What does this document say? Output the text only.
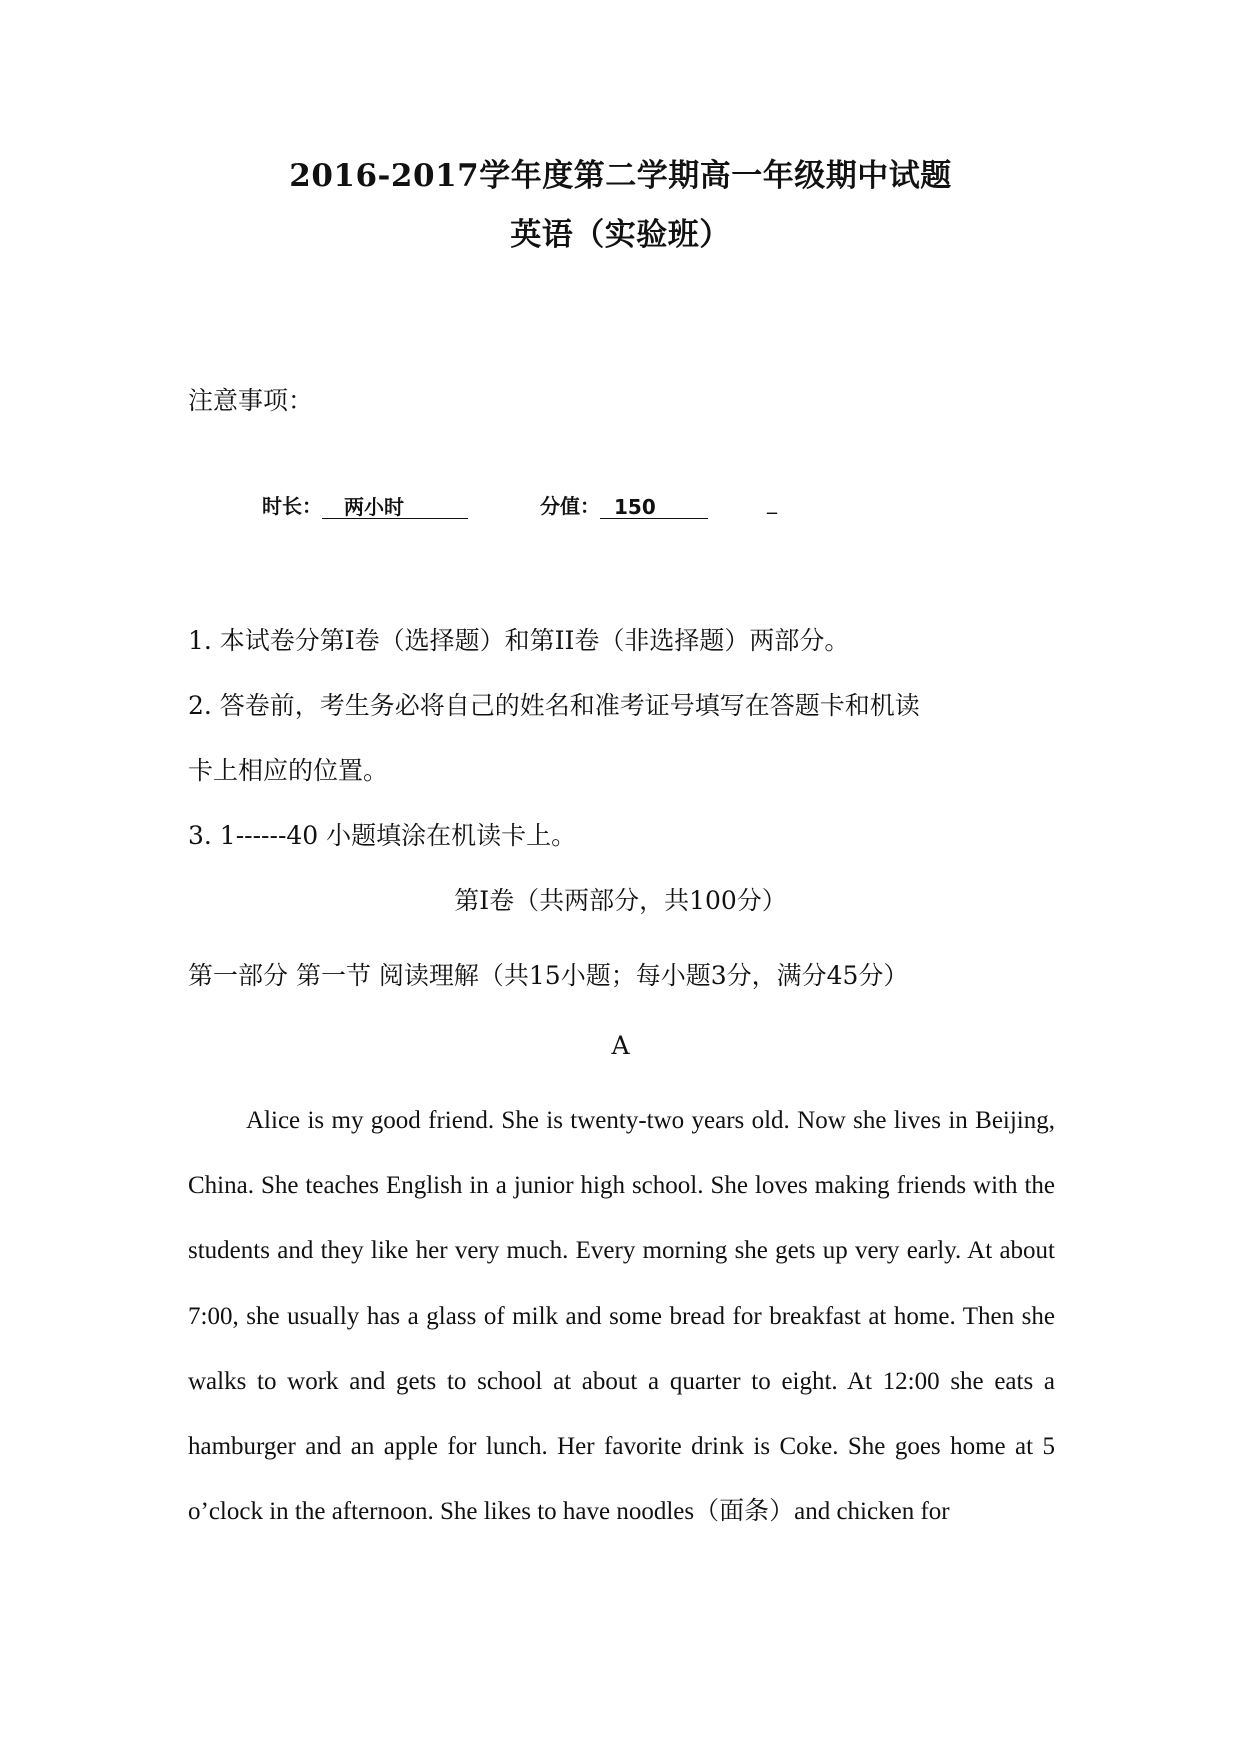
2016-2017学年度第二学期高一年级期中试题
英语（实验班）
注意事项：
时长： 两小时	分值： 150	_
1. 本试卷分第I卷（选择题）和第II卷（非选择题）两部分。
2. 答卷前，考生务必将自己的姓名和准考证号填写在答题卡和机读
卡上相应的位置。
3. 1------40 小题填涂在机读卡上。
第I卷（共两部分，共100分）
第一部分 第一节 阅读理解（共15小题；每小题3分，满分45分）
A
Alice is my good friend. She is twenty-two years old. Now she lives in Beijing, China. She teaches English in a junior high school. She loves making friends with the students and they like her very much. Every morning she gets up very early. At about 7:00, she usually has a glass of milk and some bread for breakfast at home. Then she walks to work and gets to school at about a quarter to eight. At 12:00 she eats a hamburger and an apple for lunch. Her favorite drink is Coke. She goes home at 5 o’clock in the afternoon. She likes to have noodles（面条）and chicken for
